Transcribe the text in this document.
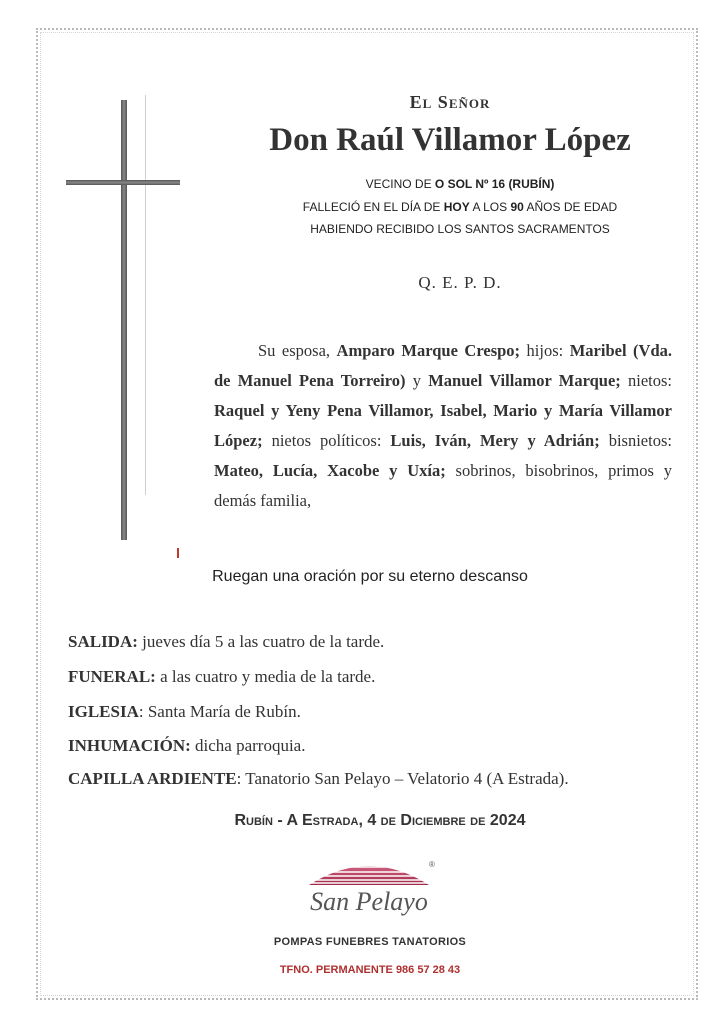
El Señor
Don Raúl Villamor López
VECINO DE O SOL Nº 16 (RUBÍN)
FALLECIÓ EN EL DÍA DE HOY A LOS 90 AÑOS DE EDAD
HABIENDO RECIBIDO LOS SANTOS SACRAMENTOS
Q. E. P. D.
Su esposa, Amparo Marque Crespo; hijos: Maribel (Vda. de Manuel Pena Torreiro) y Manuel Villamor Marque; nietos: Raquel y Yeny Pena Villamor, Isabel, Mario y María Villamor López; nietos políticos: Luis, Iván, Mery y Adrián; bisnietos: Mateo, Lucía, Xacobe y Uxía; sobrinos, bisobrinos, primos y demás familia,
Ruegan una oración por su eterno descanso
SALIDA: jueves día 5 a las cuatro de la tarde.
FUNERAL: a las cuatro y media de la tarde.
IGLESIA: Santa María de Rubín.
INHUMACIÓN: dicha parroquia.
CAPILLA ARDIENTE: Tanatorio San Pelayo – Velatorio 4 (A Estrada).
Rubín - A Estrada, 4 de Diciembre de 2024
®
San Pelayo
POMPAS FUNEBRES TANATORIOS
TFNO. PERMANENTE 986 57 28 43
